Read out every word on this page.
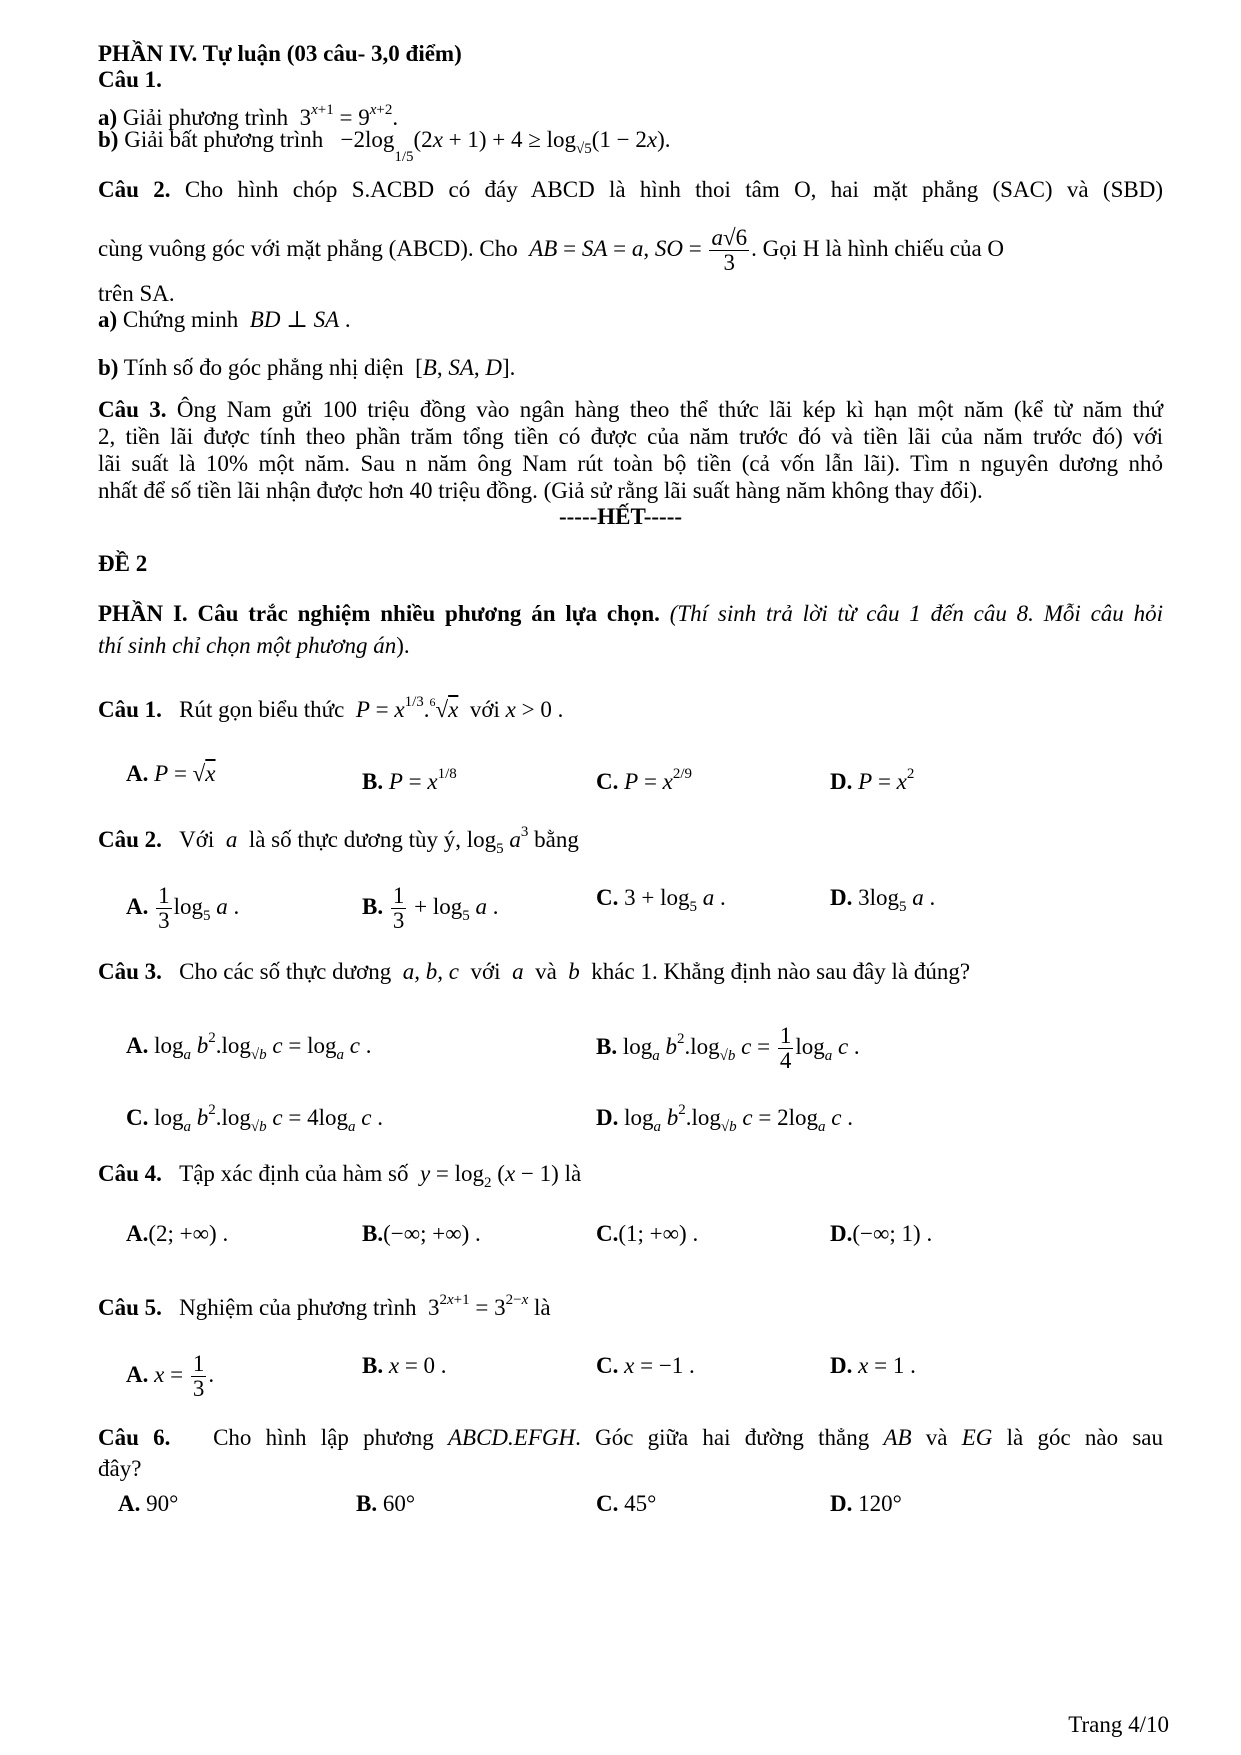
PHẦN IV. Tự luận (03 câu- 3,0 điểm)
Câu 1.
a) Giải phương trình  $3^{x+1} = 9^{x+2}$.
b) Giải bất phương trình   $-2\log_{1/5}(2x + 1) + 4 \ge \log_{√5}(1 - 2x)$.
Câu 2. Cho hình chóp S.ACBD có đáy ABCD là hình thoi tâm O, hai mặt phẳng (SAC) và (SBD)
cùng vuông góc với mặt phẳng (ABCD). Cho AB = SA = a, SO = $\frac{a√6}{3}$ . Gọi H là hình chiếu của O
trên SA.
a) Chứng minh  BD ⊥ SA .
b) Tính số đo góc phẳng nhị diện  [B, SA, D].
Câu 3. Ông Nam gửi 100 triệu đồng vào ngân hàng theo thể thức lãi kép kì hạn một năm (kể từ năm thứ
2, tiền lãi được tính theo phần trăm tổng tiền có được của năm trước đó và tiền lãi của năm trước đó) với
lãi suất là 10% một năm. Sau n năm ông Nam rút toàn bộ tiền (cả vốn lẫn lãi). Tìm n nguyên dương nhỏ
nhất để số tiền lãi nhận được hơn 40 triệu đồng. (Giả sử rằng lãi suất hàng năm không thay đổi).
-----HẾT-----
ĐỀ 2
PHẦN I. Câu trắc nghiệm nhiều phương án lựa chọn. (Thí sinh trả lời từ câu 1 đến câu 8. Mỗi câu hỏi
thí sinh chỉ chọn một phương án).
Câu 1. Rút gọn biểu thức $P = x^{1/3}.^6√x$ với x > 0 .
A. P = √x	B. $P = x^{1/8}$	C. $P = x^{2/9}$	D. $P = x^2$
Câu 2. Với  a  là số thực dương tùy ý, $\log_5 a^3$ bằng
A. $\frac{1}{3} \log_5 a$ .	B. $\frac{1}{3} + \log_5 a$ .	C. $3 + \log_5 a$ .	D. $3\log_5$ a .
Câu 3. Cho các số thực dương  a, b, c  với  a  và  b  khác 1. Khẳng định nào sau đây là đúng?
A. $\log_a b^2.\log_{√b}$ $c = \log_a c$ .	B. $\log_a b^2.\log_{√b}$ $c = \frac{1}{4} \log_a c$ .
C. $\log_a b^2.\log_{√b}$ $c = 4\log_a$ c .	D. $\log_a b^2.\log_{√b}$ $c = 2\log_a$ c .
Câu 4. Tập xác định của hàm số $y = \log_2 (x - 1)$ là
A.(2; +∞) .	B.(−∞; +∞) .	C.(1; +∞) .	D.(−∞; 1) .
Câu 5. Nghiệm của phương trình  $3^{2x+1} = 3^{2-x}$ là
A. $x = \frac{1}{3}$ .	B. x = 0 .	C. x = −1 .	D. x = 1 .
Câu 6. Cho hình lập phương ABCD.EFGH. Góc giữa hai đường thẳng AB và EG là góc nào sau
đây?
A. 90°	B. 60°	C. 45°	D. 120°
Trang 4/10
